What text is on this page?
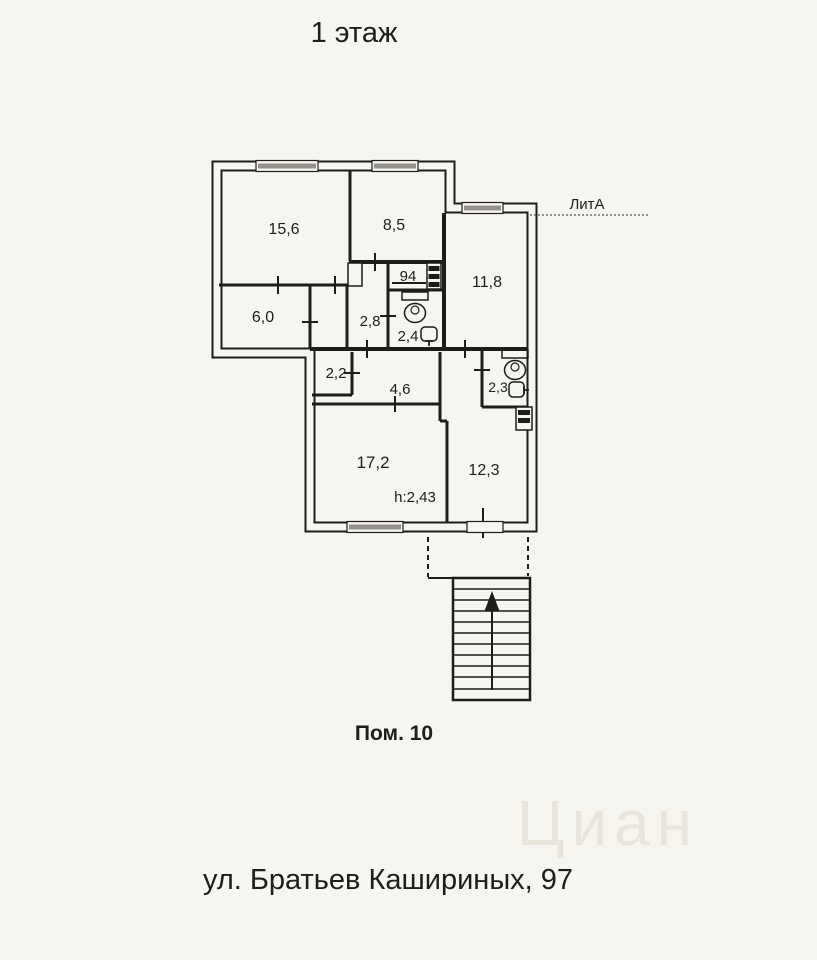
Циан
1 этаж
ЛитА
15,6	8,5
6,0	2,8
94
2,4
11,8
2,2
4,6	2,3
17,2
h:2,43
12,3
Пом. 10
ул. Братьев Кашириных, 97
